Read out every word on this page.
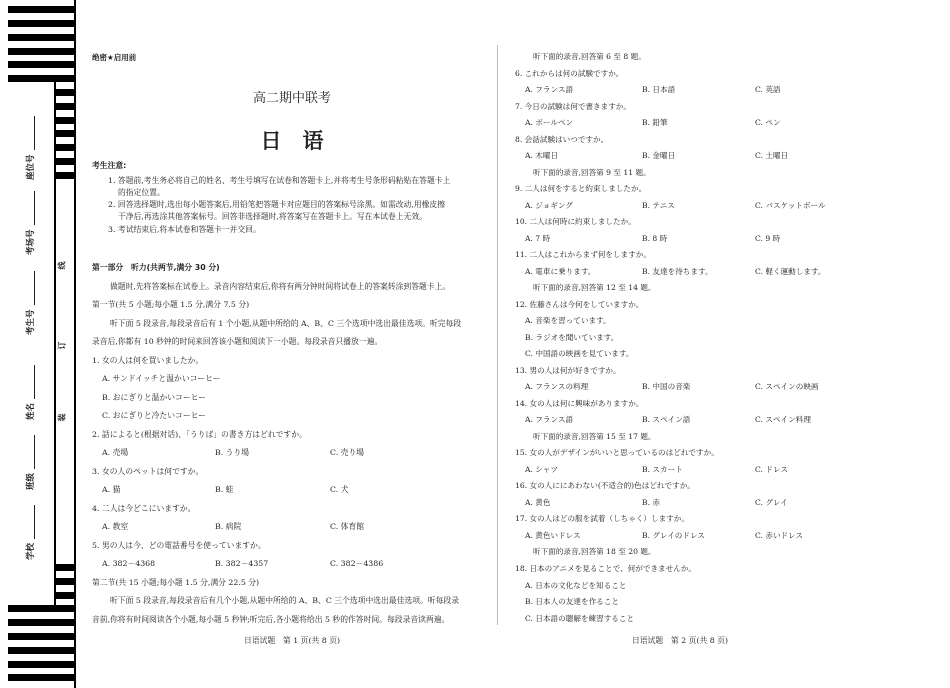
学校
班级
姓名
考生号
考场号
座位号
线
订
装
绝密★启用前
高二期中联考
日　语
考生注意:
1. 答题前,考生务必将自己的姓名、考生号填写在试卷和答题卡上,并将考生号条形码粘贴在答题卡上
的指定位置。
2. 回答选择题时,选出每小题答案后,用铅笔把答题卡对应题目的答案标号涂黑。如需改动,用橡皮擦
干净后,再选涂其他答案标号。回答非选择题时,将答案写在答题卡上。写在本试卷上无效。
3. 考试结束后,将本试卷和答题卡一并交回。
第一部分　听力(共两节,满分 30 分)
做题时,先将答案标在试卷上。录音内容结束后,你将有两分钟时间将试卷上的答案转涂到答题卡上。
第一节(共 5 小题;每小题 1.5 分,满分 7.5 分)
听下面 5 段录音,每段录音后有 1 个小题,从题中所给的 A、B、C 三个选项中选出最佳选项。听完每段
录音后,你都有 10 秒钟的时间来回答该小题和阅读下一小题。每段录音只播放一遍。
1. 女の人は何を買いましたか。
A. サンドイッチと温かいコーヒー
B. おにぎりと温かいコーヒー
C. おにぎりと冷たいコーヒー
2. 話によると(根据对话)、「うりば」の書き方はどれですか。
A. 売場	B. うり場	C. 売り場
3. 女の人のペットは何ですか。
A. 猫	B. 蛙	C. 犬
4. 二人は今どこにいますか。
A. 教室	B. 病院	C. 体育館
5. 男の人は今、どの電話番号を使っていますか。
A. 382－4368	B. 382－4357	C. 382－4386
第二节(共 15 小题;每小题 1.5 分,满分 22.5 分)
听下面 5 段录音,每段录音后有几个小题,从题中所给的 A、B、C 三个选项中选出最佳选项。听每段录
音前,你将有时间阅读各个小题,每小题 5 秒钟;听完后,各小题将给出 5 秒的作答时间。每段录音读两遍。
日语试题　第 1 页(共 8 页)
听下面的录音,回答第 6 至 8 题。
6. これからは何の試験ですか。
A. フランス語	B. 日本語	C. 英語
7. 今日の試験は何で書きますか。
A. ボールペン	B. 鉛筆	C. ペン
8. 会話試験はいつですか。
A. 木曜日	B. 金曜日	C. 土曜日
听下面的录音,回答第 9 至 11 题。
9. 二人は何をすると約束しましたか。
A. ジョギング	B. テニス	C. バスケットボール
10. 二人は何時に約束しましたか。
A. 7 時	B. 8 時	C. 9 時
11. 二人はこれからまず何をしますか。
A. 電車に乗ります。	B. 友達を待ちます。	C. 軽く運動します。
听下面的录音,回答第 12 至 14 题。
12. 佐藤さんは今何をしていますか。
A. 音楽を習っています。
B. ラジオを聞いています。
C. 中国語の映画を見ています。
13. 男の人は何が好きですか。
A. フランスの料理	B. 中国の音楽	C. スペインの映画
14. 女の人は何に興味がありますか。
A. フランス語	B. スペイン語	C. スペイン料理
听下面的录音,回答第 15 至 17 题。
15. 女の人がデザインがいいと思っているのはどれですか。
A. シャツ	B. スカート	C. ドレス
16. 女の人ににあわない(不适合的)色はどれですか。
A. 黄色	B. 赤	C. グレイ
17. 女の人はどの服を試着（しちゃく）しますか。
A. 黄色いドレス	B. グレイのドレス	C. 赤いドレス
听下面的录音,回答第 18 至 20 题。
18. 日本のアニメを見ることで、何ができませんか。
A. 日本の文化などを知ること
B. 日本人の友達を作ること
C. 日本語の聴解を練習すること
日语试题　第 2 页(共 8 页)
